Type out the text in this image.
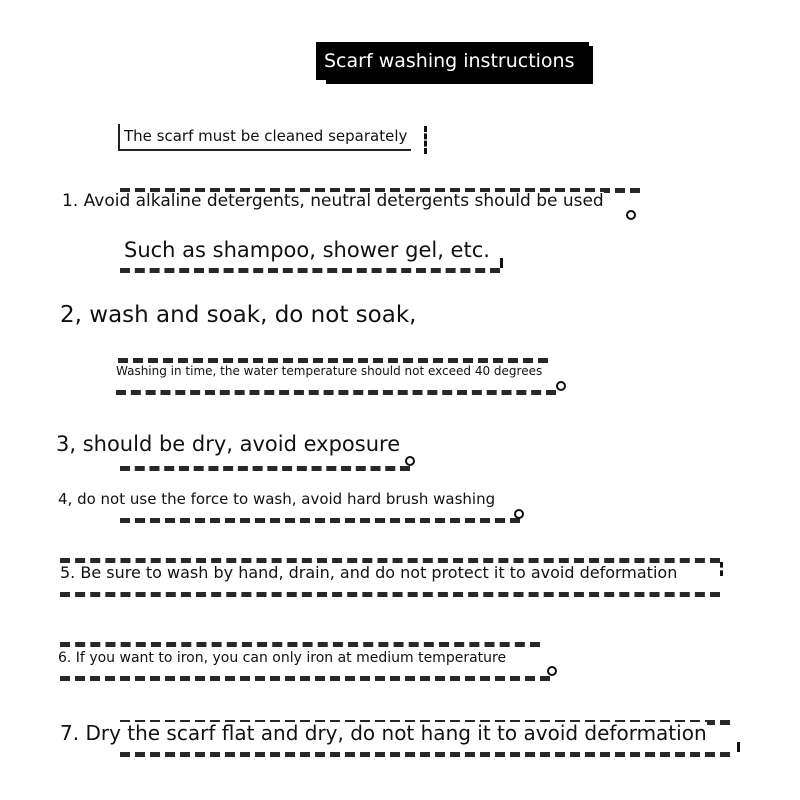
Scarf washing instructions
The scarf must be cleaned separately
1. Avoid alkaline detergents, neutral detergents should be used
Such as shampoo, shower gel, etc.
2, wash and soak, do not soak,
Washing in time, the water temperature should not exceed 40 degrees
3, should be dry, avoid exposure
4, do not use the force to wash, avoid hard brush washing
5. Be sure to wash by hand, drain, and do not protect it to avoid deformation
6. If you want to iron, you can only iron at medium temperature
7. Dry the scarf flat and dry, do not hang it to avoid deformation
